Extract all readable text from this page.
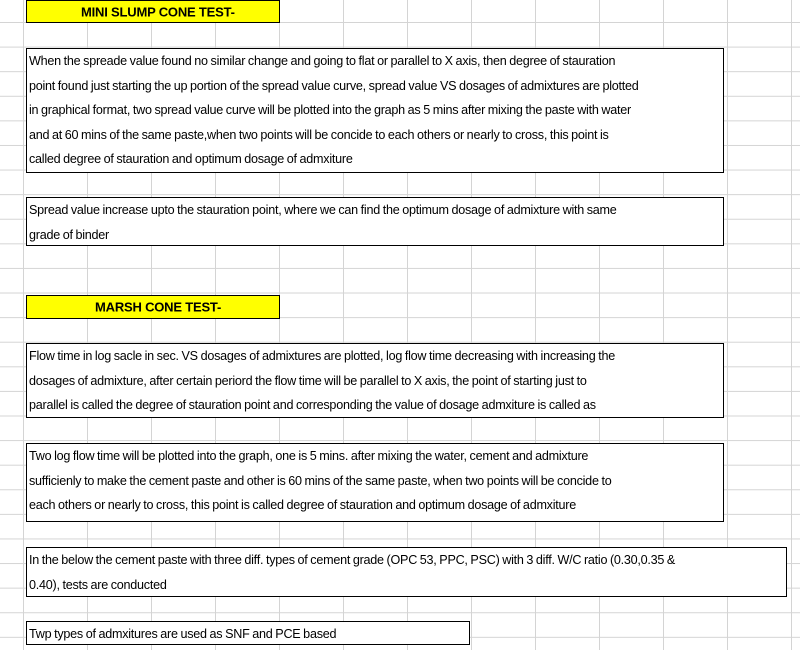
MINI SLUMP CONE TEST-
When the spreade value found no similar change and going to flat or parallel to X axis, then degree of stauration
point found just starting the up portion of the spread value curve, spread value VS dosages of admixtures are plotted
in graphical format, two spread value curve will be plotted into the graph as 5 mins after mixing the paste with water
and at 60 mins of the same paste,when two points will be concide to each others or nearly to cross, this point is
called degree of stauration and optimum dosage of admxiture
Spread value increase upto the stauration point, where we can find the optimum dosage of admixture with same
grade of binder
MARSH CONE TEST-
Flow time in log sacle in sec. VS dosages of admixtures are plotted, log flow time decreasing with increasing the
dosages of admixture, after certain periord the flow time will be parallel to X axis, the point of starting just to
parallel is called the degree of stauration point and corresponding the value of dosage admxiture is called as
Two log flow time will be plotted into the graph, one is 5 mins. after mixing the water, cement and admixture
sufficienly to make the cement paste and other is 60 mins of the same paste, when two points will be concide to
each others or nearly to cross, this point is called degree of stauration and optimum dosage of admxiture
In the below the cement paste with three diff. types of cement grade (OPC 53, PPC, PSC) with 3 diff. W/C ratio (0.30,0.35 &
0.40), tests are conducted
Twp types of admxitures are used as SNF and PCE based
